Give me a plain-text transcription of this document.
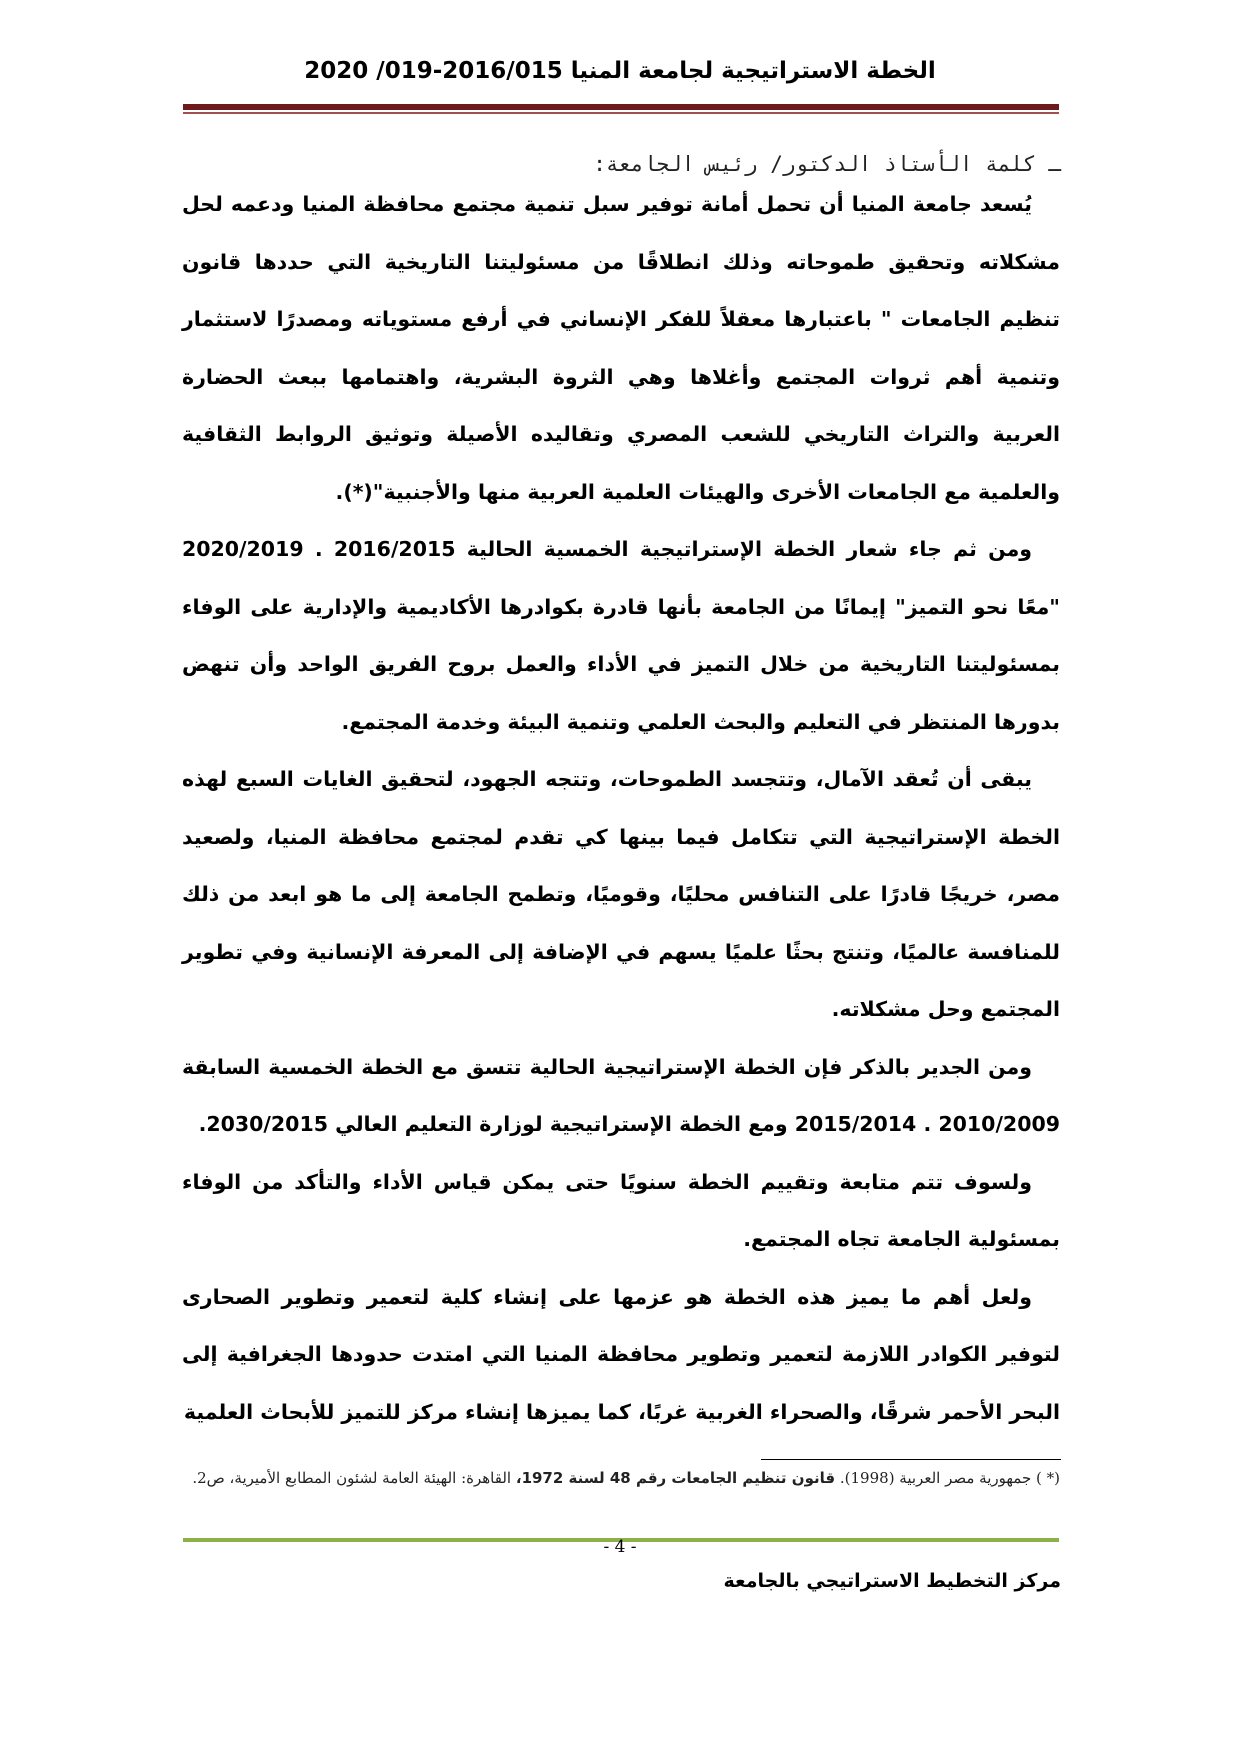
الخطة الاستراتيجية لجامعة المنيا 2016/015-019/ 2020
ـ كلمة الأستاذ الدكتور/ رئيس الجامعة:

يُسعد جامعة المنيا أن تحمل أمانة توفير سبل تنمية مجتمع محافظة المنيا ودعمه لحل مشكلاته وتحقيق طموحاته وذلك انطلاقًا من مسئوليتنا التاريخية التي حددها قانون تنظيم الجامعات " باعتبارها معقلاً للفكر الإنساني في أرفع مستوياته ومصدرًا لاستثمار وتنمية أهم ثروات المجتمع وأغلاها وهي الثروة البشرية، واهتمامها ببعث الحضارة العربية والتراث التاريخي للشعب المصري وتقاليده الأصيلة وتوثيق الروابط الثقافية والعلمية مع الجامعات الأخرى والهيئات العلمية العربية منها والأجنبية"(*).

ومن ثم جاء شعار الخطة الإستراتيجية الخمسية الحالية 2016/2015 . 2020/2019 "معًا نحو التميز" إيمانًا من الجامعة بأنها قادرة بكوادرها الأكاديمية والإدارية على الوفاء بمسئوليتنا التاريخية من خلال التميز في الأداء والعمل بروح الفريق الواحد وأن تنهض بدورها المنتظر في التعليم والبحث العلمي وتنمية البيئة وخدمة المجتمع.

يبقى أن تُعقد الآمال، وتتجسد الطموحات، وتتجه الجهود، لتحقيق الغايات السبع لهذه الخطة الإستراتيجية التي تتكامل فيما بينها كي تقدم لمجتمع محافظة المنيا، ولصعيد مصر، خريجًا قادرًا على التنافس محليًا، وقوميًا، وتطمح الجامعة إلى ما هو ابعد من ذلك للمنافسة عالميًا، وتنتج بحثًا علميًا يسهم في الإضافة إلى المعرفة الإنسانية وفي تطوير المجتمع وحل مشكلاته.

ومن الجدير بالذكر فإن الخطة الإستراتيجية الحالية تتسق مع الخطة الخمسية السابقة 2010/2009 . 2015/2014 ومع الخطة الإستراتيجية لوزارة التعليم العالي 2030/2015.

ولسوف تتم متابعة وتقييم الخطة سنويًا حتى يمكن قياس الأداء والتأكد من الوفاء بمسئولية الجامعة تجاه المجتمع.

ولعل أهم ما يميز هذه الخطة هو عزمها على إنشاء كلية لتعمير وتطوير الصحارى لتوفير الكوادر اللازمة لتعمير وتطوير محافظة المنيا التي امتدت حدودها الجغرافية إلى البحر الأحمر شرقًا، والصحراء الغربية غربًا، كما يميزها إنشاء مركز للتميز للأبحاث العلمية

(* ) جمهورية مصر العربية (1998). قانون تنظيم الجامعات رقم 48 لسنة 1972، القاهرة: الهيئة العامة لشئون المطابع الأميرية، ص2.
- 4 -
مركز التخطيط الاستراتيجي بالجامعة
